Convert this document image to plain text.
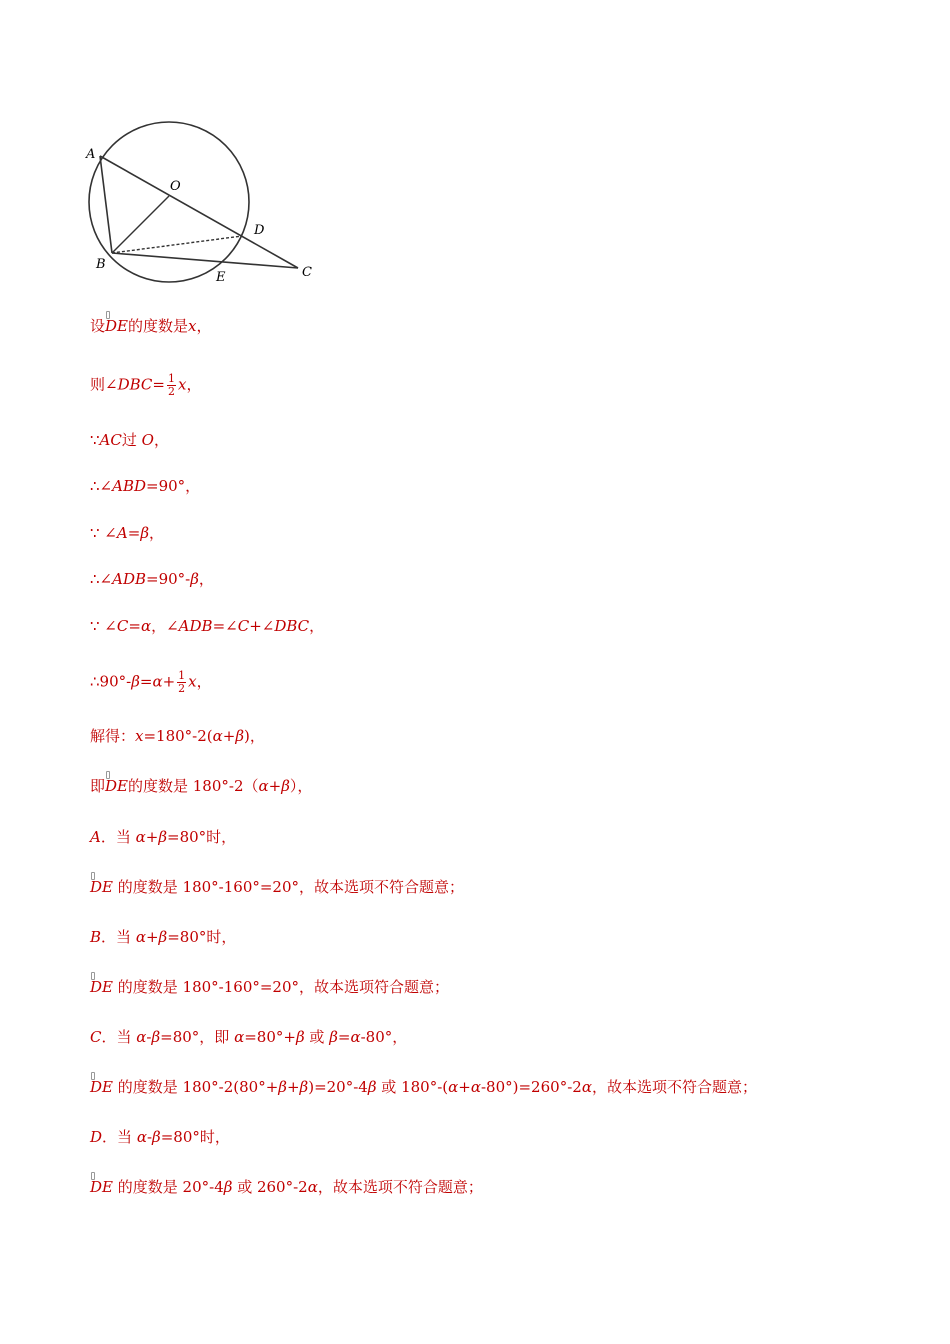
A
O
D
B
E	C
设DE的度数是x，
则∠DBC= $\frac{1}{2}$ x，
∵AC过 O，
∴∠ABD=90°，
∵ ∠A=β，
∴∠ADB=90°-β，
∵ ∠C=α，∠ADB=∠C+∠DBC，
∴90°-β=α+ $\frac{1}{2}$ x，
解得：x=180°-2(α+β)，
即DE的度数是 180°-2（α+β），
A．当 α+β=80°时，
DE 的度数是 180°-160°=20°，故本选项不符合题意；
B．当 α+β=80°时，
DE 的度数是 180°-160°=20°，故本选项符合题意；
C．当 α-β=80°，即 α=80°+β 或 β=α-80°，
DE 的度数是 180°-2(80°+β+β)=20°-4β 或 180°-(α+α-80°)=260°-2α，故本选项不符合题意；
D．当 α-β=80°时，
DE 的度数是 20°-4β 或 260°-2α，故本选项不符合题意；
